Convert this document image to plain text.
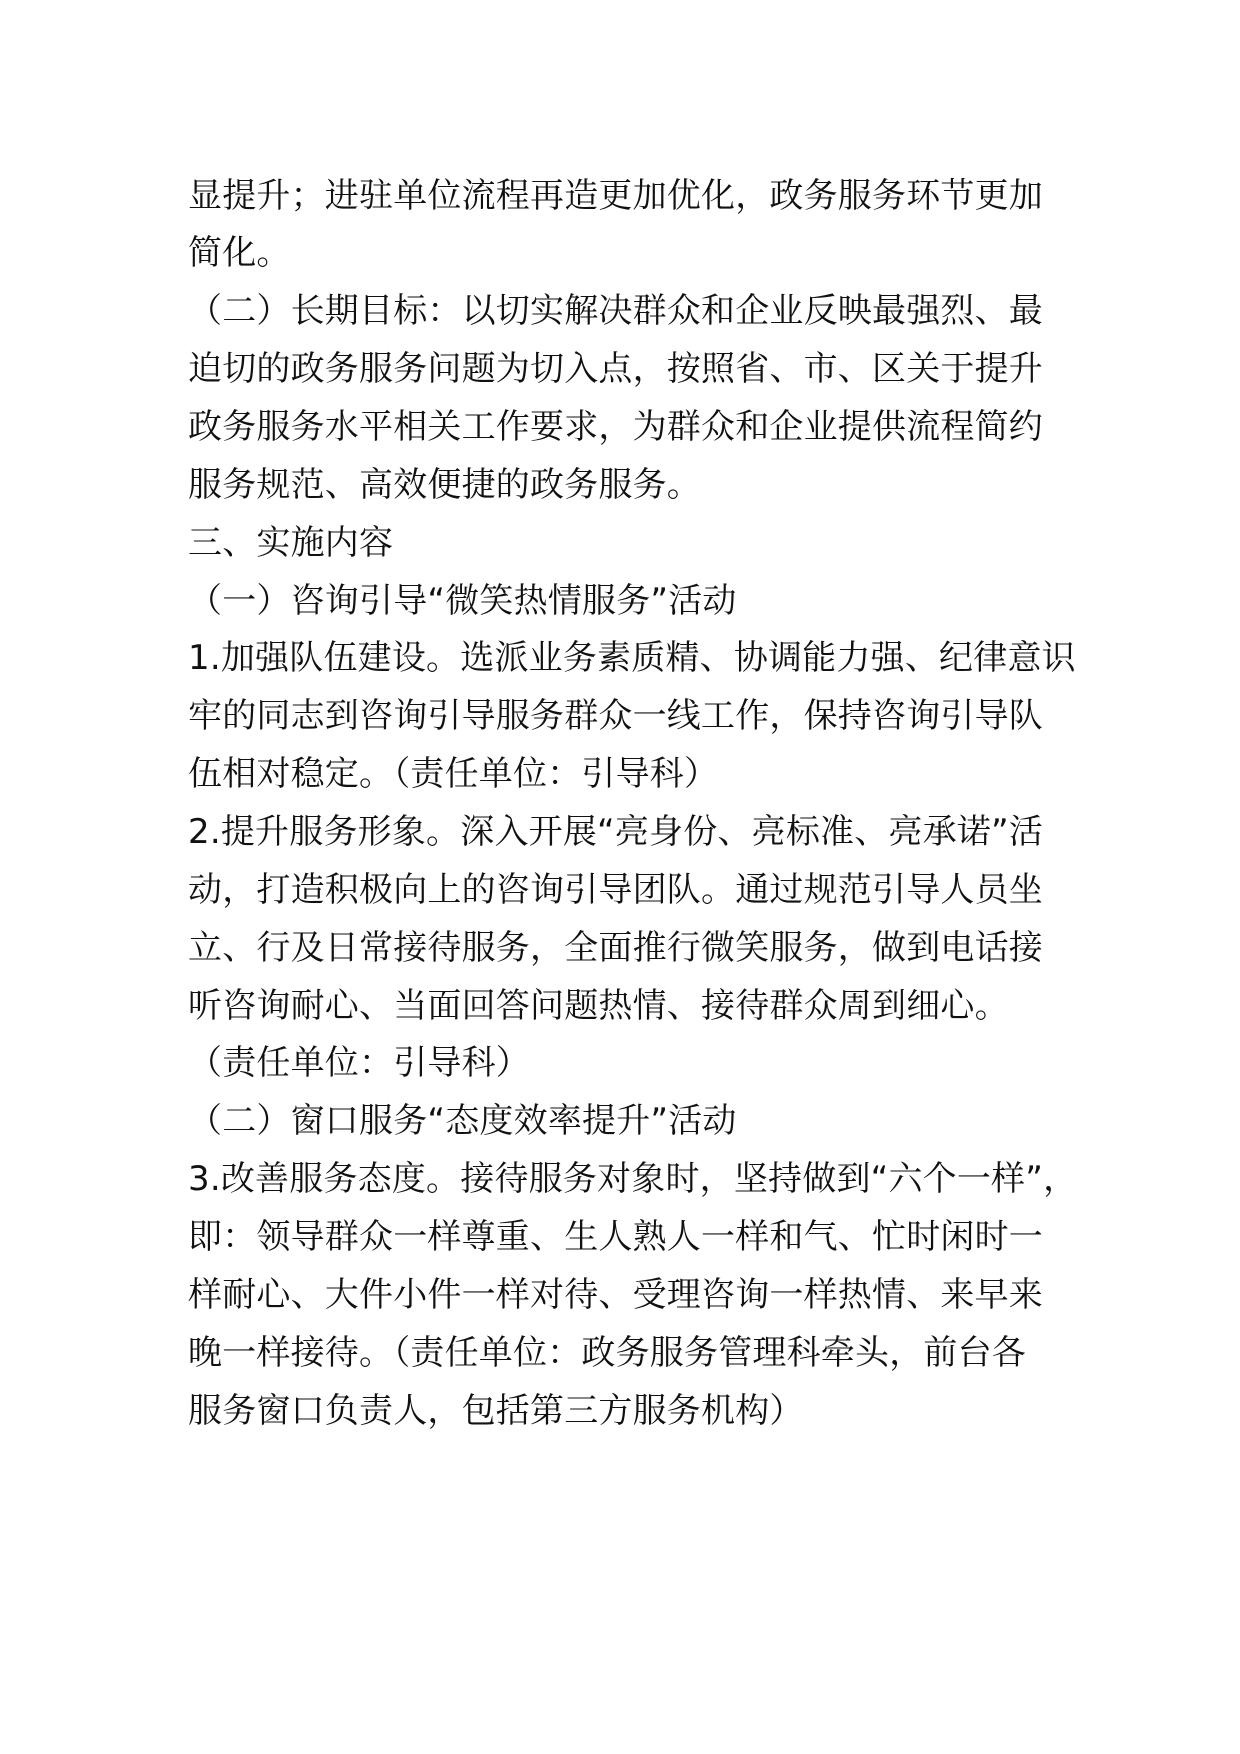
显提升；进驻单位流程再造更加优化，政务服务环节更加

简化。

（二）长期目标：以切实解决群众和企业反映最强烈、最

迫切的政务服务问题为切入点，按照省、市、区关于提升

政务服务水平相关工作要求，为群众和企业提供流程简约

服务规范、高效便捷的政务服务。

三、实施内容

（一）咨询引导“微笑热情服务”活动

1.加强队伍建设。选派业务素质精、协调能力强、纪律意识

牢的同志到咨询引导服务群众一线工作，保持咨询引导队

伍相对稳定。（责任单位：引导科）

2.提升服务形象。深入开展“亮身份、亮标准、亮承诺”活

动，打造积极向上的咨询引导团队。通过规范引导人员坐

立、行及日常接待服务，全面推行微笑服务，做到电话接

听咨询耐心、当面回答问题热情、接待群众周到细心。

（责任单位：引导科）

（二）窗口服务“态度效率提升”活动

3.改善服务态度。接待服务对象时，坚持做到“六个一样”，

即：领导群众一样尊重、生人熟人一样和气、忙时闲时一

样耐心、大件小件一样对待、受理咨询一样热情、来早来

晚一样接待。（责任单位：政务服务管理科牵头，前台各

服务窗口负责人，包括第三方服务机构）
